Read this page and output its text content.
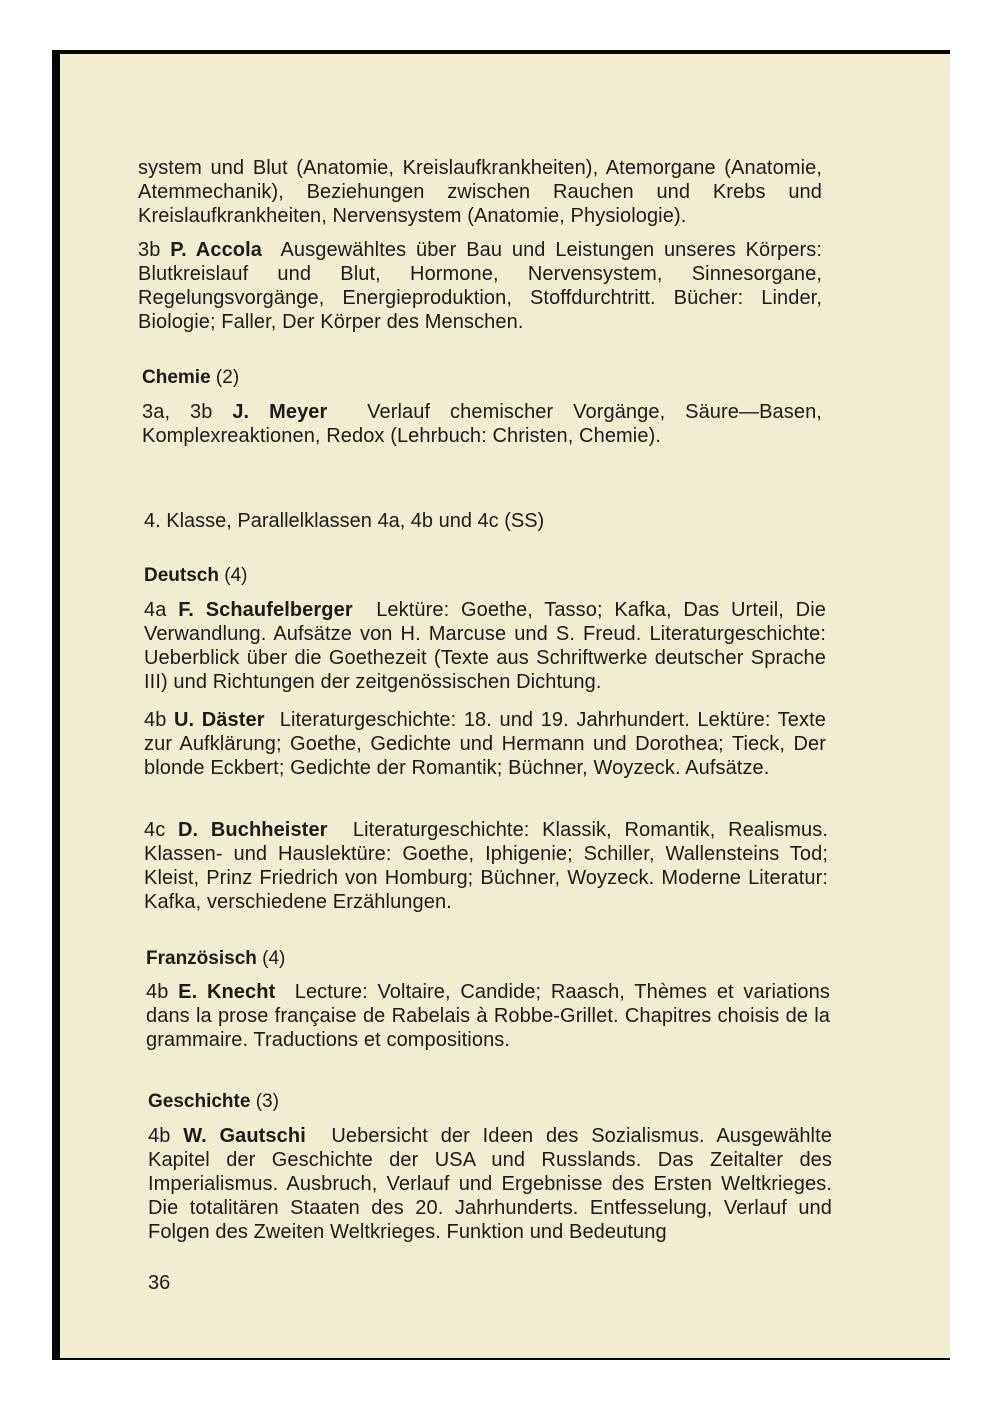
system und Blut (Anatomie, Kreislaufkrankheiten), Atemorgane (Anatomie, Atemmechanik), Beziehungen zwischen Rauchen und Krebs und Kreislaufkrankheiten, Nervensystem (Anatomie, Physiologie).

3b P. Accola Ausgewähltes über Bau und Leistungen unseres Körpers: Blutkreislauf und Blut, Hormone, Nervensystem, Sinnesorgane, Regelungsvorgänge, Energieproduktion, Stoffdurchtritt. Bücher: Linder, Biologie; Faller, Der Körper des Menschen.

Chemie (2)

3a, 3b J. Meyer Verlauf chemischer Vorgänge, Säure—Basen, Komplexreaktionen, Redox (Lehrbuch: Christen, Chemie).

4. Klasse, Parallelklassen 4a, 4b und 4c (SS)

Deutsch (4)

4a F. Schaufelberger Lektüre: Goethe, Tasso; Kafka, Das Urteil, Die Verwandlung. Aufsätze von H. Marcuse und S. Freud. Literaturgeschichte: Ueberblick über die Goethezeit (Texte aus Schriftwerke deutscher Sprache III) und Richtungen der zeitgenössischen Dichtung.

4b U. Däster Literaturgeschichte: 18. und 19. Jahrhundert. Lektüre: Texte zur Aufklärung; Goethe, Gedichte und Hermann und Dorothea; Tieck, Der blonde Eckbert; Gedichte der Romantik; Büchner, Woyzeck. Aufsätze.

4c D. Buchheister Literaturgeschichte: Klassik, Romantik, Realismus. Klassen- und Hauslektüre: Goethe, Iphigenie; Schiller, Wallensteins Tod; Kleist, Prinz Friedrich von Homburg; Büchner, Woyzeck. Moderne Literatur: Kafka, verschiedene Erzählungen.

Französisch (4)

4b E. Knecht Lecture: Voltaire, Candide; Raasch, Thèmes et variations dans la prose française de Rabelais à Robbe-Grillet. Chapitres choisis de la grammaire. Traductions et compositions.

Geschichte (3)

4b W. Gautschi Uebersicht der Ideen des Sozialismus. Ausgewählte Kapitel der Geschichte der USA und Russlands. Das Zeitalter des Imperialismus. Ausbruch, Verlauf und Ergebnisse des Ersten Weltkrieges. Die totalitären Staaten des 20. Jahrhunderts. Entfesselung, Verlauf und Folgen des Zweiten Weltkrieges. Funktion und Bedeutung

36
